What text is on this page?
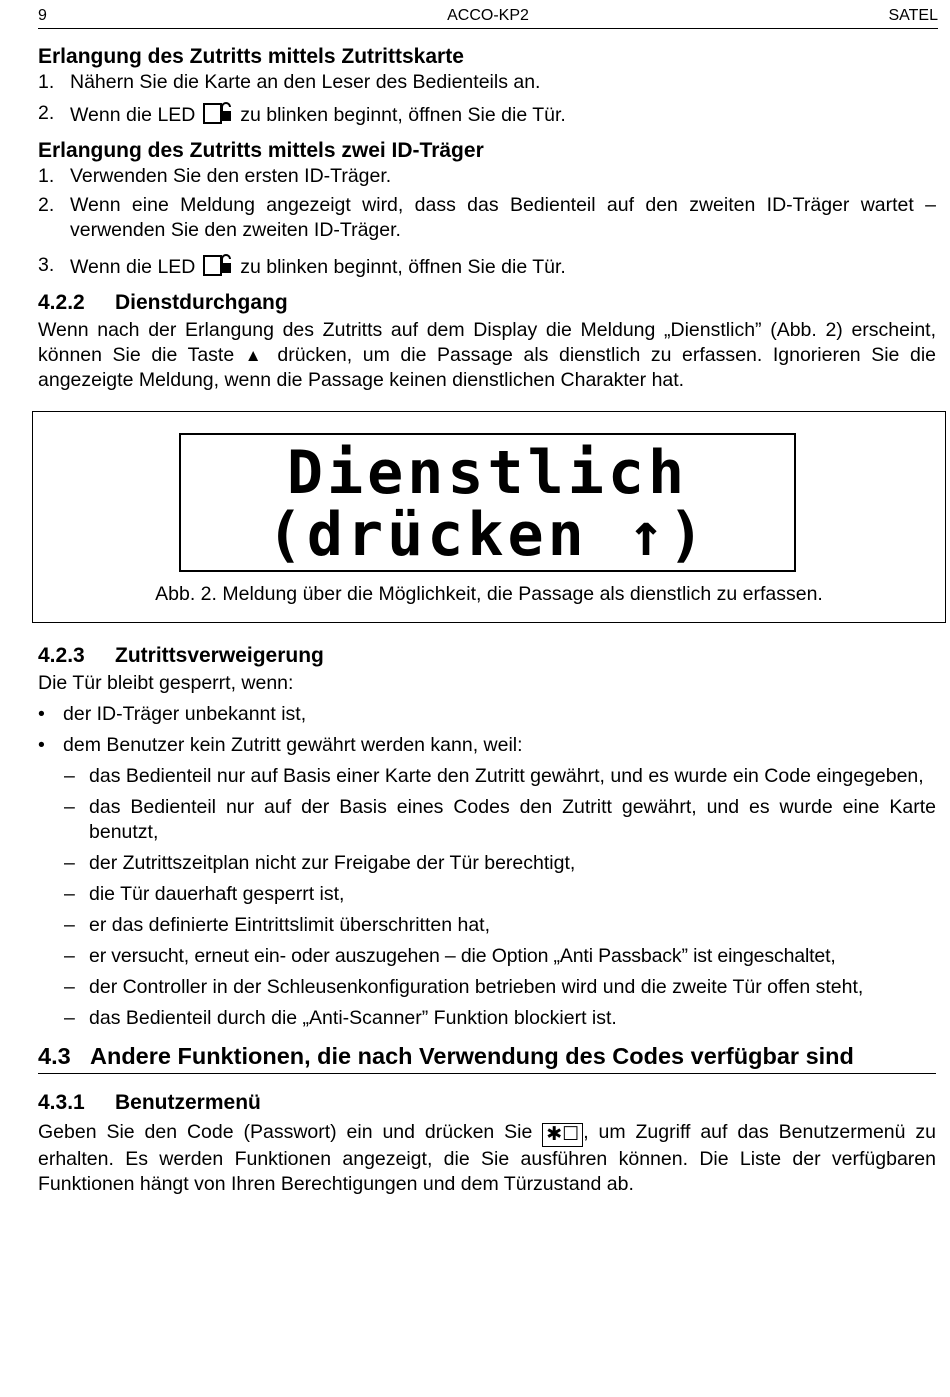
9	ACCO-KP2	SATEL
Erlangung des Zutritts mittels Zutrittskarte

1. Nähern Sie die Karte an den Leser des Bedienteils an.

2. Wenn die LED zu blinken beginnt, öffnen Sie die Tür.

Erlangung des Zutritts mittels zwei ID-Träger

1. Verwenden Sie den ersten ID-Träger.

2. Wenn eine Meldung angezeigt wird, dass das Bedienteil auf den zweiten ID-Träger wartet – verwenden Sie den zweiten ID-Träger.

3. Wenn die LED zu blinken beginnt, öffnen Sie die Tür.

4.2.2 Dienstdurchgang

Wenn nach der Erlangung des Zutritts auf dem Display die Meldung „Dienstlich” (Abb. 2) erscheint, können Sie die Taste ▲ drücken, um die Passage als dienstlich zu erfassen. Ignorieren Sie die angezeigte Meldung, wenn die Passage keinen dienstlichen Charakter hat.

Dienstlich
(drücken ↑)
Abb. 2. Meldung über die Möglichkeit, die Passage als dienstlich zu erfassen.
4.2.3 Zutrittsverweigerung

Die Tür bleibt gesperrt, wenn:

• der ID-Träger unbekannt ist,

• dem Benutzer kein Zutritt gewährt werden kann, weil:

– das Bedienteil nur auf Basis einer Karte den Zutritt gewährt, und es wurde ein Code eingegeben,

– das Bedienteil nur auf der Basis eines Codes den Zutritt gewährt, und es wurde eine Karte benutzt,

– der Zutrittszeitplan nicht zur Freigabe der Tür berechtigt,

– die Tür dauerhaft gesperrt ist,

– er das definierte Eintrittslimit überschritten hat,

– er versucht, erneut ein- oder auszugehen – die Option „Anti Passback” ist eingeschaltet,

– der Controller in der Schleusenkonfiguration betrieben wird und die zweite Tür offen steht,

– das Bedienteil durch die „Anti-Scanner” Funktion blockiert ist.

4.3 Andere Funktionen, die nach Verwendung des Codes verfügbar sind

4.3.1 Benutzermenü

Geben Sie den Code (Passwort) ein und drücken Sie ✱☐ , um Zugriff auf das Benutzermenü zu erhalten. Es werden Funktionen angezeigt, die Sie ausführen können. Die Liste der verfügbaren Funktionen hängt von Ihren Berechtigungen und dem Türzustand ab.
